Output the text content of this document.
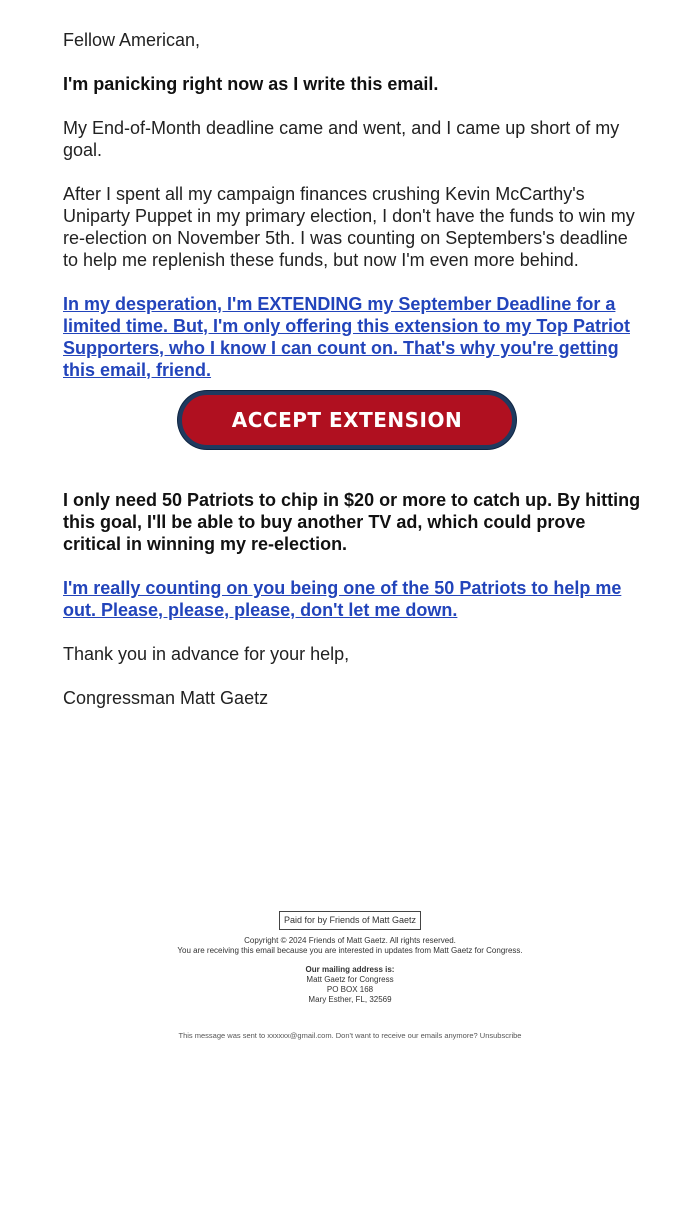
Fellow American,

I'm panicking right now as I write this email.

My End-of-Month deadline came and went, and I came up short of my goal.

After I spent all my campaign finances crushing Kevin McCarthy's Uniparty Puppet in my primary election, I don't have the funds to win my re-election on November 5th. I was counting on Septembers's deadline to help me replenish these funds, but now I'm even more behind.

In my desperation, I'm EXTENDING my September Deadline for a limited time. But, I'm only offering this extension to my Top Patriot Supporters, who I know I can count on. That's why you're getting this email, friend.

ACCEPT EXTENSION

I only need 50 Patriots to chip in $20 or more to catch up. By hitting this goal, I'll be able to buy another TV ad, which could prove critical in winning my re-election.

I'm really counting on you being one of the 50 Patriots to help me out. Please, please, please, don't let me down.

Thank you in advance for your help,

Congressman Matt Gaetz

Paid for by Friends of Matt Gaetz
Copyright © 2024 Friends of Matt Gaetz. All rights reserved.
You are receiving this email because you are interested in updates from Matt Gaetz for Congress.
Our mailing address is:
Matt Gaetz for Congress
PO BOX 168
Mary Esther, FL, 32569
This message was sent to xxxxxx@gmail.com. Don't want to receive our emails anymore? Unsubscribe
